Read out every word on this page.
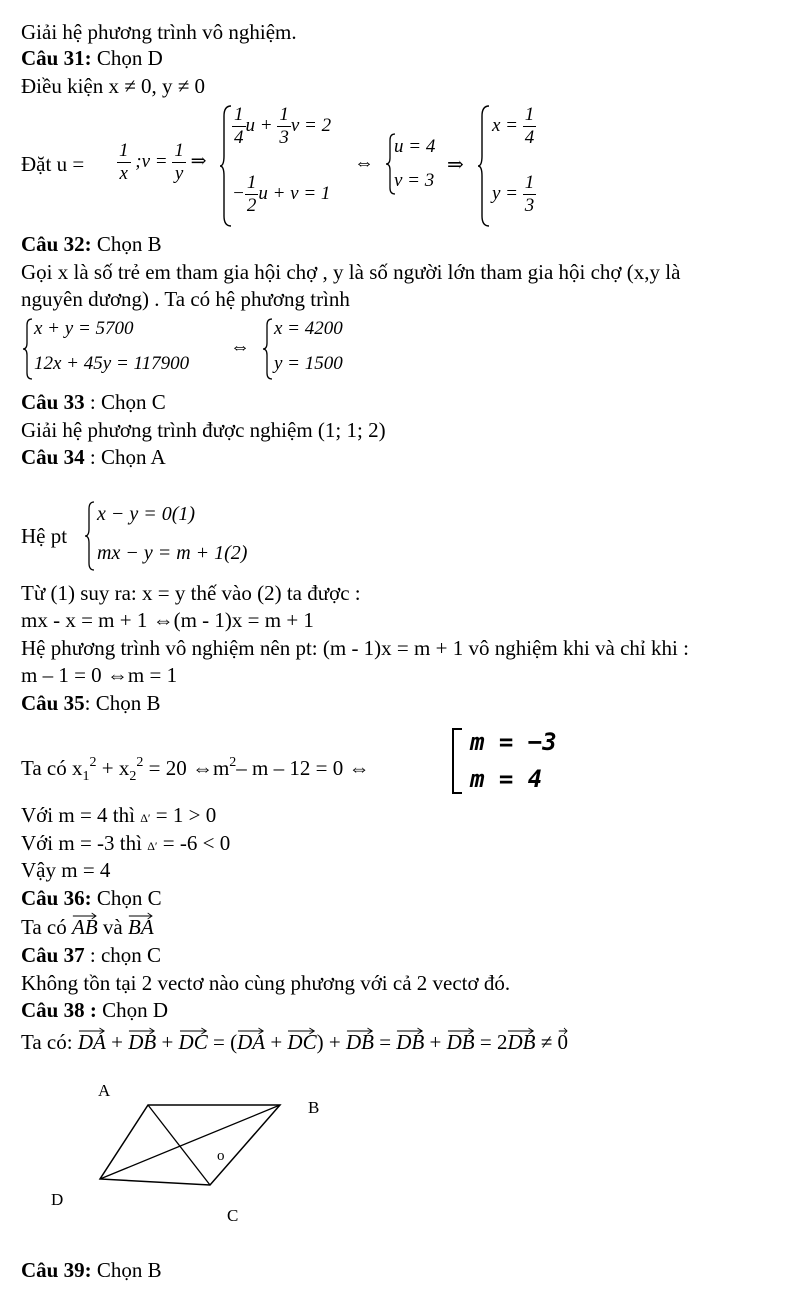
Giải hệ phương trình vô nghiệm.
Câu 31: Chọn D
Điều kiện x ≠ 0, y ≠ 0
Đặt $u = \frac{1}{x}$ ;v = $\frac{1}{y}$ ⇒
$\frac{1}{4}$ $u + \frac{1}{3}$ v = 2
− $\frac{1}{2}$ u + v = 1
⇔
u = 4
v = 3
⇒
$x = \frac{1}{4}$
$y = \frac{1}{3}$
Câu 32: Chọn B
Gọi x là số trẻ em tham gia hội chợ , y là số người lớn tham gia hội chợ (x,y là
nguyên dương) . Ta có hệ phương trình
x + y = 5700
12x + 45y = 117900
⇔
x = 4200
y = 1500
Câu 33 : Chọn C
Giải hệ phương trình được nghiệm (1; 1; 2)
Câu 34 : Chọn A
Hệ pt
x − y = 0(1)
mx − y = m + 1(2)
Từ (1) suy ra: x = y thế vào (2) ta được :
mx - x = m + 1 ⇔(m - 1)x = m + 1
Hệ phương trình vô nghiệm nên pt: (m - 1)x = m + 1 vô nghiệm khi và chỉ khi :
m – 1 = 0 ⇔m = 1
Câu 35: Chọn B
Ta có $x_1^2 + x_2^2 = 20$ $\Leftrightarrow m^2-$ m – 12 = 0 ⇔
m = −3
m = 4
Với m = 4 thì Δ′ = 1 > 0
Với m = -3 thì Δ′ = -6 < 0
Vậy m = 4
Câu 36: Chọn C
Ta có
AB và
BA
Câu 37 : chọn C
Không tồn tại 2 vectơ nào cùng phương với cả 2 vectơ đó.
Câu 38 : Chọn D
Ta có:
DA +
DB +
DC = (
DA +
DC) +
DB =
DB +
DB = 2
DB ≠
0
A
B
C
D
o
Câu 39: Chọn B
